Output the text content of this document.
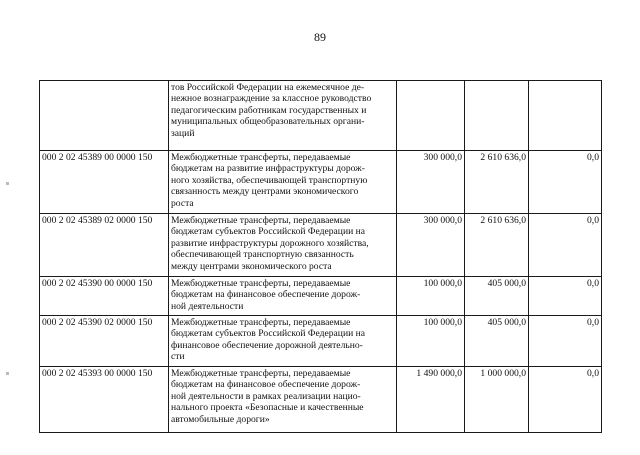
89
	тов Российской Федерации на ежемесячное де-
нежное вознаграждение за классное руководство
педагогическим работникам государственных и
муниципальных общеобразовательных органи-
заций			
000 2 02 45389 00 0000 150	Межбюджетные трансферты, передаваемые
бюджетам на развитие инфраструктуры дорож-
ного хозяйства, обеспечивающей транспортную
связанность между центрами экономического
роста	300 000,0	2 610 636,0	0,0
000 2 02 45389 02 0000 150	Межбюджетные трансферты, передаваемые
бюджетам субъектов Российской Федерации на
развитие инфраструктуры дорожного хозяйства,
обеспечивающей транспортную связанность
между центрами экономического роста	300 000,0	2 610 636,0	0,0
000 2 02 45390 00 0000 150	Межбюджетные трансферты, передаваемые
бюджетам на финансовое обеспечение дорож-
ной деятельности	100 000,0	405 000,0	0,0
000 2 02 45390 02 0000 150	Межбюджетные трансферты, передаваемые
бюджетам субъектов Российской Федерации на
финансовое обеспечение дорожной деятельно-
сти	100 000,0	405 000,0	0,0
000 2 02 45393 00 0000 150	Межбюджетные трансферты, передаваемые
бюджетам на финансовое обеспечение дорож-
ной деятельности в рамках реализации нацио-
нального проекта «Безопасные и качественные
автомобильные дороги»	1 490 000,0	1 000 000,0	0,0
